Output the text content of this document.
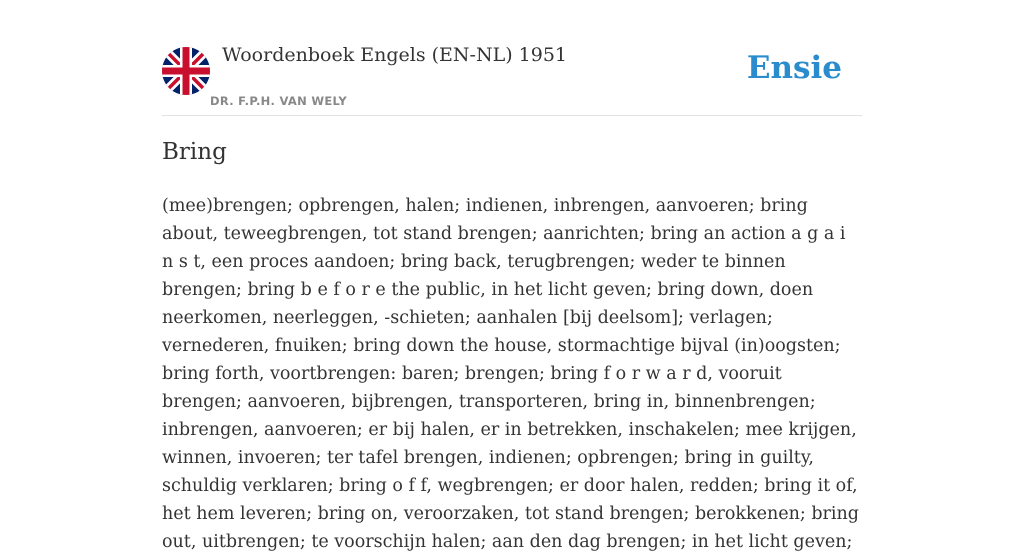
Woordenboek Engels (EN-NL) 1951
DR. F.P.H. VAN WELY
Ensie
Bring

(mee)brengen; opbrengen, halen; indienen, inbrengen, aanvoeren; bring about, teweegbrengen, tot stand brengen; aanrichten; bring an action a g a i n s t, een proces aandoen; bring back, terugbrengen; weder te binnen brengen; bring b e f o r e the public, in het licht geven; bring down, doen neerkomen, neerleggen, -schieten; aanhalen [bij deelsom]; verlagen; vernederen, fnuiken; bring down the house, stormachtige bijval (in)oogsten; bring forth, voortbrengen: baren; brengen; bring f o r w a r d, vooruit brengen; aanvoeren, bijbrengen, transporteren, bring in, binnenbrengen; inbrengen, aanvoeren; er bij halen, er in betrekken, inschakelen; mee krijgen, winnen, invoeren; ter tafel brengen, indienen; opbrengen; bring in guilty, schuldig verklaren; bring o f f, wegbrengen; er door halen, redden; bring it of, het hem leveren; bring on, veroorzaken, tot stand brengen; berokkenen; bring out, uitbrengen; te voorschijn halen; aan den dag brengen; in het licht geven;
